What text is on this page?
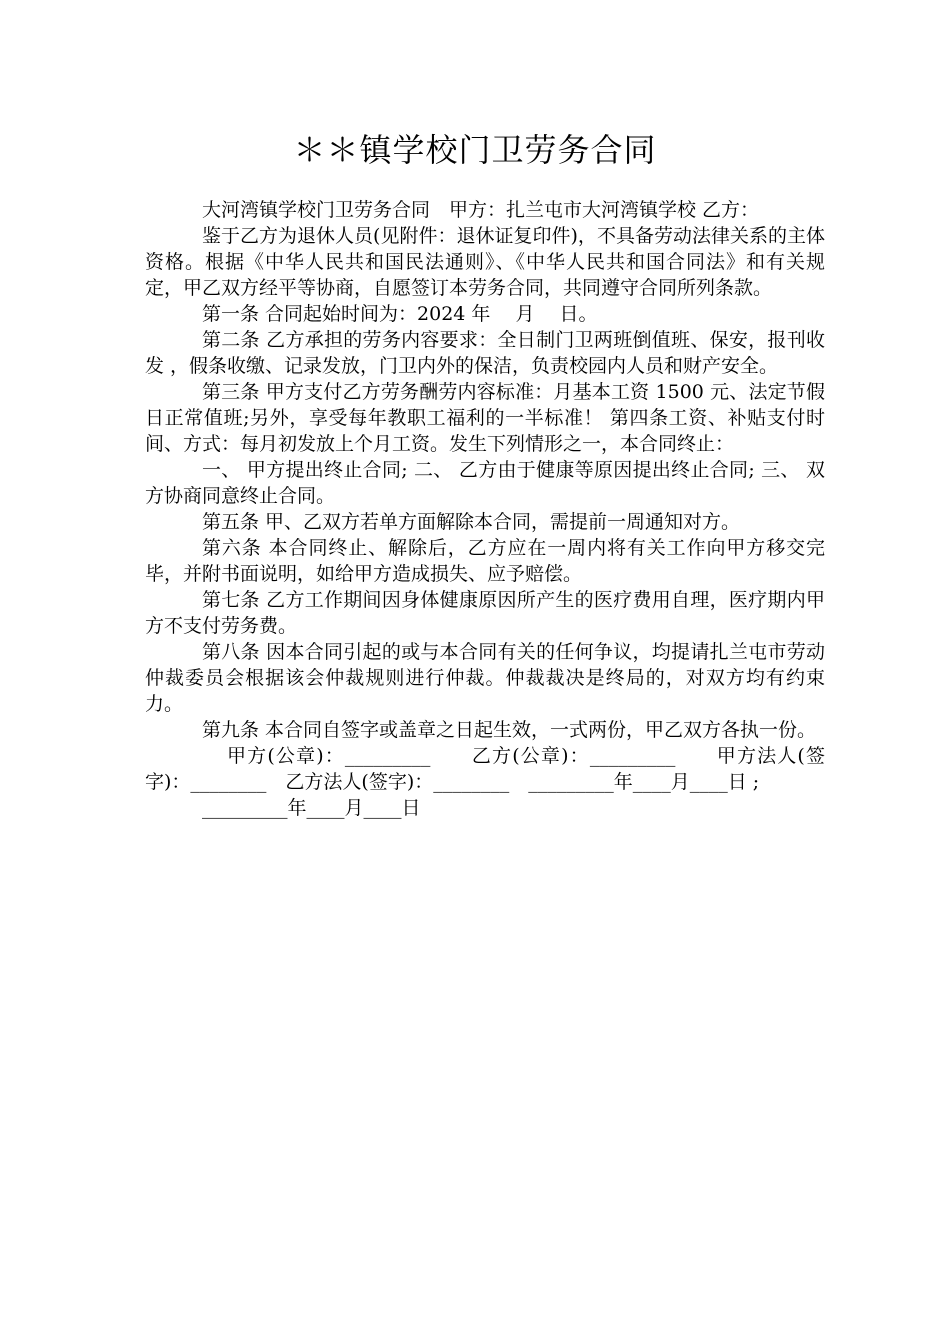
＊＊镇学校门卫劳务合同

大河湾镇学校门卫劳务合同　甲方：扎兰屯市大河湾镇学校 乙方：

鉴于乙方为退休人员(见附件：退休证复印件)，不具备劳动法律关系的主体资格。根据《中华人民共和国民法通则》、《中华人民共和国合同法》和有关规定，甲乙双方经平等协商，自愿签订本劳务合同，共同遵守合同所列条款。

第一条 合同起始时间为：2024 年 　月 　日。

第二条 乙方承担的劳务内容要求：全日制门卫两班倒值班、保安，报刊收发 ，假条收缴、记录发放，门卫内外的保洁，负责校园内人员和财产安全。

第三条 甲方支付乙方劳务酬劳内容标准：月基本工资 1500 元、法定节假日正常值班;另外，享受每年教职工福利的一半标准！ 第四条工资、补贴支付时间、方式：每月初发放上个月工资。发生下列情形之一，本合同终止：

一、 甲方提出终止合同; 二、 乙方由于健康等原因提出终止合同; 三、 双方协商同意终止合同。

第五条 甲、乙双方若单方面解除本合同，需提前一周通知对方。

第六条 本合同终止、解除后，乙方应在一周内将有关工作向甲方移交完毕，并附书面说明，如给甲方造成损失、应予赔偿。

第七条 乙方工作期间因身体健康原因所产生的医疗费用自理，医疗期内甲方不支付劳务费。

第八条 因本合同引起的或与本合同有关的任何争议，均提请扎兰屯市劳动仲裁委员会根据该会仲裁规则进行仲裁。仲裁裁决是终局的，对双方均有约束力。

第九条 本合同自签字或盖章之日起生效，一式两份，甲乙双方各执一份。

甲方(公章)：_________　　乙方(公章)：_________　　甲方法人(签字)：________　乙方法人(签字)：________　_________年____月____日 ;

_________年____月____日
